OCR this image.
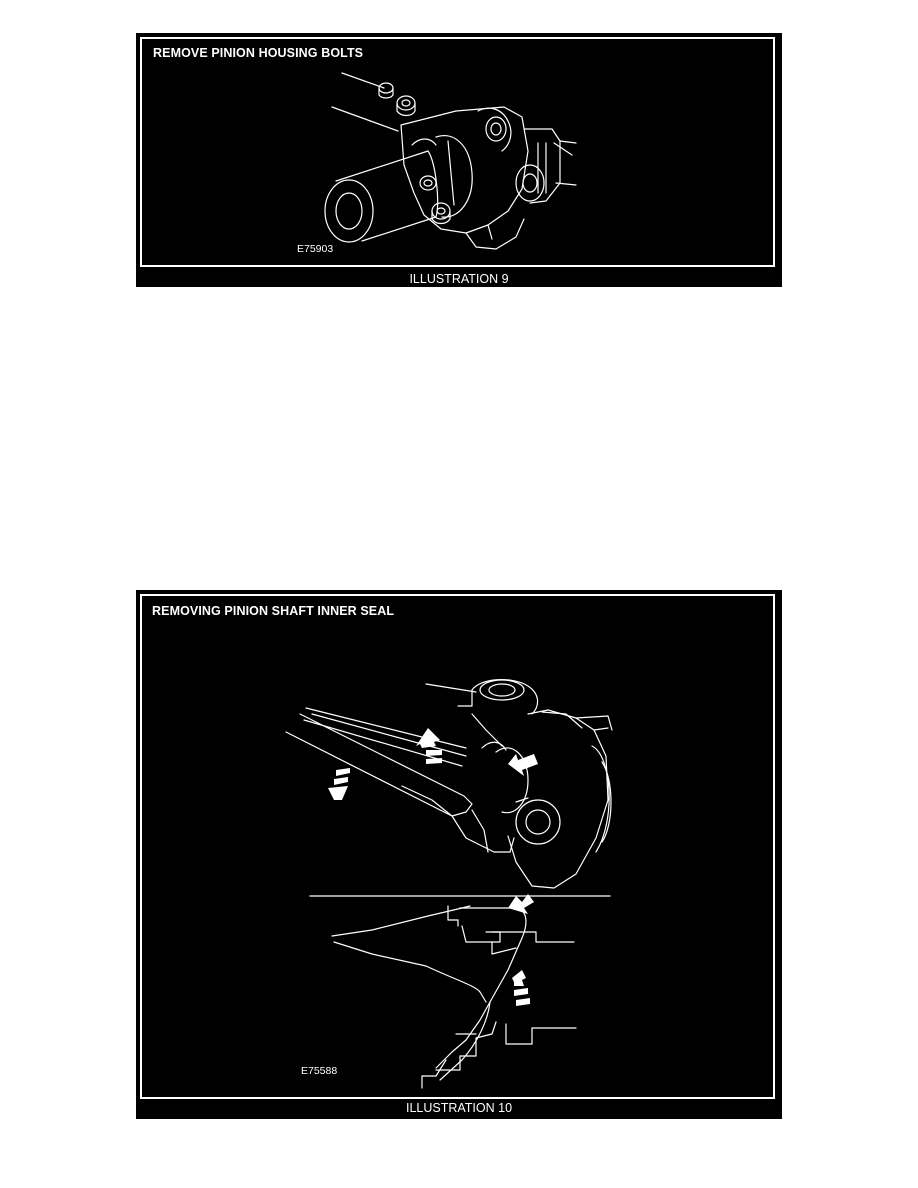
REMOVE PINION HOUSING BOLTS
E75903
ILLUSTRATION 9
REMOVING PINION SHAFT INNER SEAL
E75588
ILLUSTRATION 10
